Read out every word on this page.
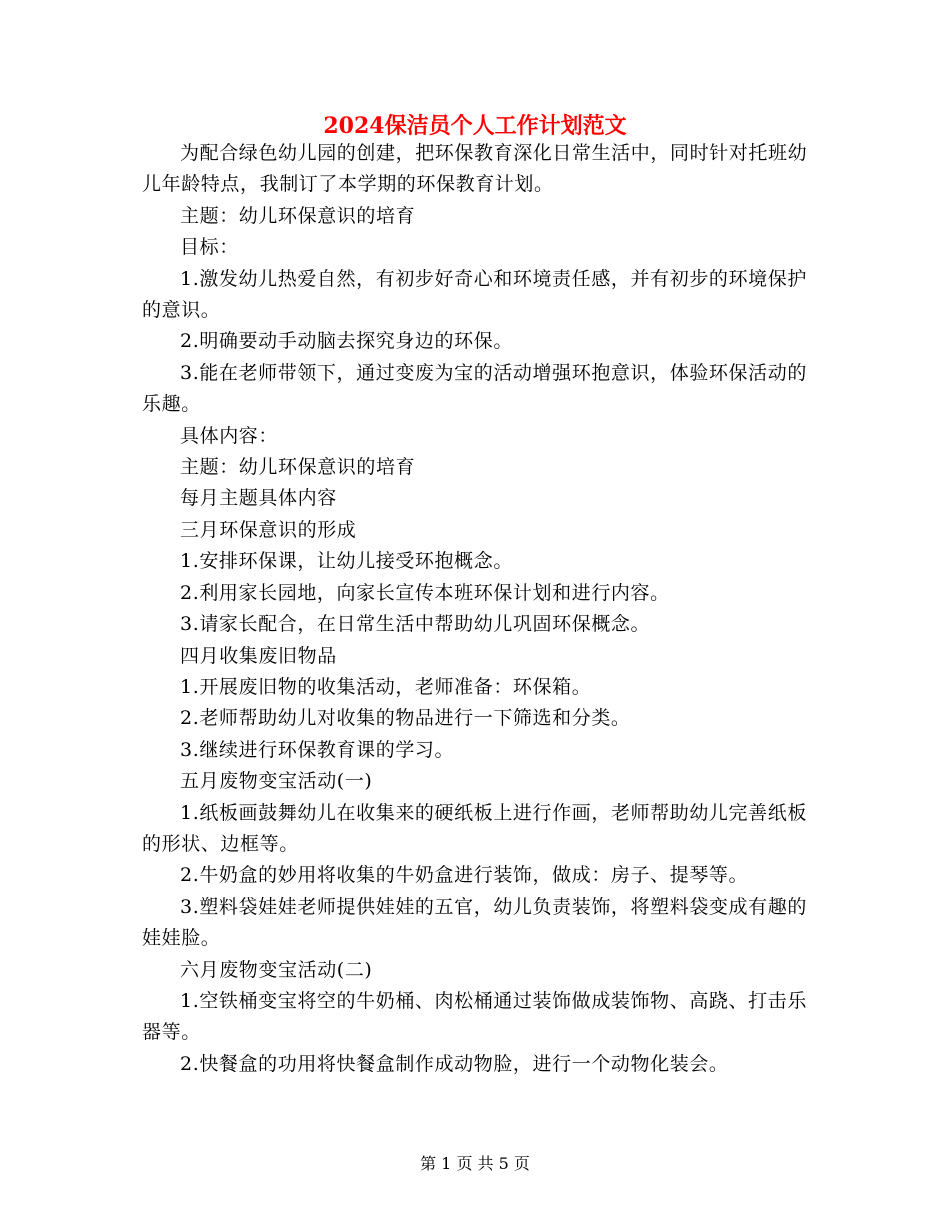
2024保洁员个人工作计划范文

为配合绿色幼儿园的创建，把环保教育深化日常生活中，同时针对托班幼儿年龄特点，我制订了本学期的环保教育计划。

主题：幼儿环保意识的培育

目标：

1.激发幼儿热爱自然，有初步好奇心和环境责任感，并有初步的环境保护的意识。

2.明确要动手动脑去探究身边的环保。

3.能在老师带领下，通过变废为宝的活动增强环抱意识，体验环保活动的乐趣。

具体内容：

主题：幼儿环保意识的培育

每月主题具体内容

三月环保意识的形成

1.安排环保课，让幼儿接受环抱概念。

2.利用家长园地，向家长宣传本班环保计划和进行内容。

3.请家长配合，在日常生活中帮助幼儿巩固环保概念。

四月收集废旧物品

1.开展废旧物的收集活动，老师准备：环保箱。

2.老师帮助幼儿对收集的物品进行一下筛选和分类。

3.继续进行环保教育课的学习。

五月废物变宝活动(一)

1.纸板画鼓舞幼儿在收集来的硬纸板上进行作画，老师帮助幼儿完善纸板的形状、边框等。

2.牛奶盒的妙用将收集的牛奶盒进行装饰，做成：房子、提琴等。

3.塑料袋娃娃老师提供娃娃的五官，幼儿负责装饰，将塑料袋变成有趣的娃娃脸。

六月废物变宝活动(二)

1.空铁桶变宝将空的牛奶桶、肉松桶通过装饰做成装饰物、高跷、打击乐器等。

2.快餐盒的功用将快餐盒制作成动物脸，进行一个动物化装会。

第 1 页 共 5 页
